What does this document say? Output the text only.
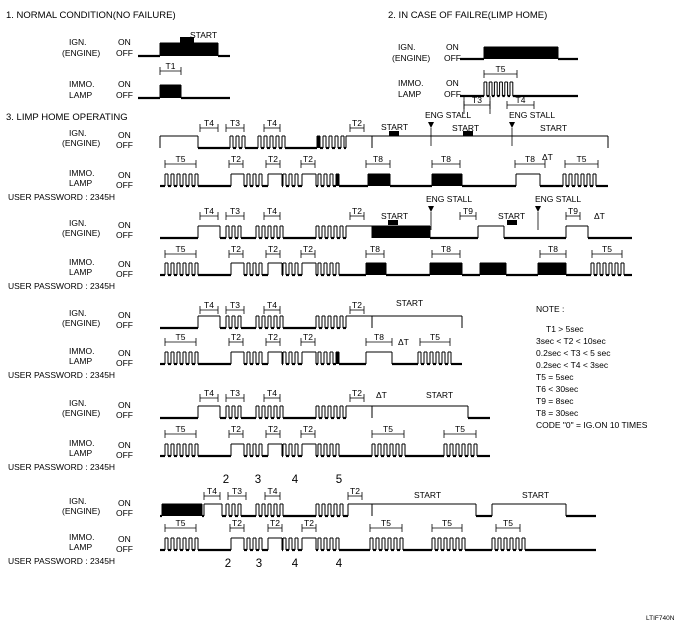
1. NORMAL CONDITION(NO FAILURE)	2. IN CASE OF FAILRE(LIMP HOME)
3. LIMP HOME OPERATING
NOTE :
T1 > 5sec
3sec < T2 < 10sec
0.2sec < T3 < 5 sec
0.2sec < T4 < 3sec
T5 = 5sec
T6 < 30sec
T9 = 8sec
T8 = 30sec
CODE "0" = IG.ON 10 TIMES
LTIF740N
IGN.
(ENGINE)
ON
OFF
IMMO.
LAMP
ON
OFF
START
T1
IGN.
(ENGINE)
ON
OFF
IMMO.
LAMP
ON
OFF
T5
T3	T4
IGN.
(ENGINE)
ON
OFF
IMMO.
LAMP
ON
OFF
T4 T3	T4	T2
T5	T2	T2	T2	T8	T8	T8	T5
START
ENG STALL
START
ENG STALL
START
ΔT
USER PASSWORD : 2345H
IGN.
(ENGINE)
ON
OFF
IMMO.
LAMP
ON
OFF
T4 T3	T4	T2	T9	T9
T5	T2	T2	T2	T8	T8	T8	T5
START
ENG STALL
START
ENG STALL
ΔT
USER PASSWORD : 2345H
IGN.
(ENGINE)
ON
OFF
IMMO.
LAMP
ON
OFF
T4 T3	T4	T2
T5	T2	T2	T2	T8	T5
START
ΔT
USER PASSWORD : 2345H
IGN.
(ENGINE)
ON
OFF
IMMO.
LAMP
ON
OFF
T4 T3	T4	T2
T5	T2	T2	T2	T5	T5
ΔT	START
USER PASSWORD : 2345H
IGN.
(ENGINE)
ON
OFF
IMMO.
LAMP
ON
OFF
T4 T3	T4	T2
T5	T2	T2	T2	T5	T5	T5
2 3	4	5
START	START
2 3	4	4
USER PASSWORD : 2345H
